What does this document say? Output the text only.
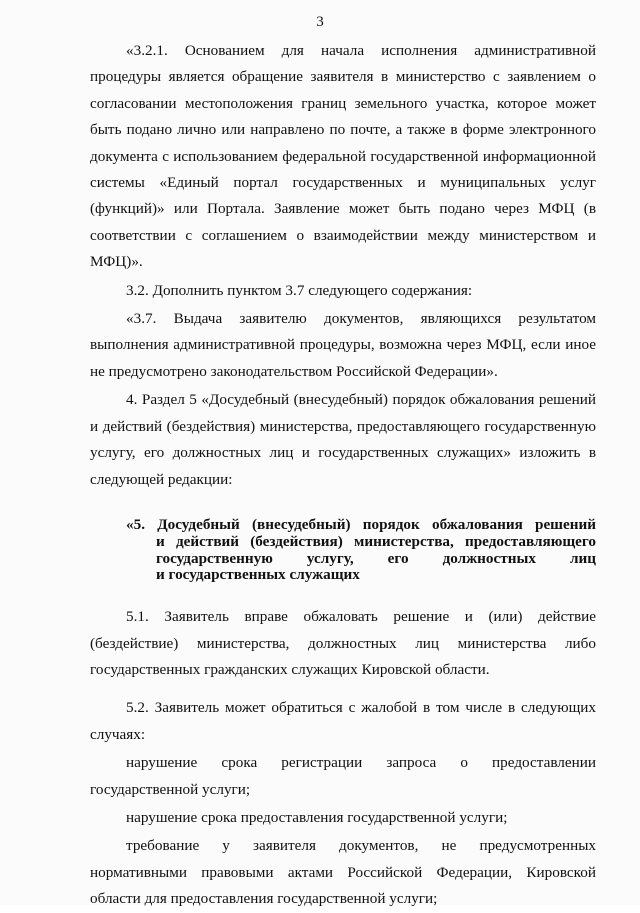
3

«3.2.1. Основанием для начала исполнения административной процедуры является обращение заявителя в министерство с заявлением о согласовании местоположения границ земельного участка, которое может быть подано лично или направлено по почте, а также в форме электронного документа с использованием федеральной государственной информационной системы «Единый портал государственных и муниципальных услуг (функций)» или Портала. Заявление может быть подано через МФЦ (в соответствии с соглашением о взаимодействии между министерством и МФЦ)».

3.2. Дополнить пунктом 3.7 следующего содержания:

«3.7. Выдача заявителю документов, являющихся результатом выполнения административной процедуры, возможна через МФЦ, если иное не предусмотрено законодательством Российской Федерации».

4. Раздел 5 «Досудебный (внесудебный) порядок обжалования решений и действий (бездействия) министерства, предоставляющего государственную услугу, его должностных лиц и государственных служащих» изложить в следующей редакции:

«5. Досудебный (внесудебный) порядок обжалования решений
и действий (бездействия) министерства, предоставляющего
государственную услугу, его должностных лиц
и государственных служащих

5.1. Заявитель вправе обжаловать решение и (или) действие (бездействие) министерства, должностных лиц министерства либо государственных гражданских служащих Кировской области.

5.2. Заявитель может обратиться с жалобой в том числе в следующих случаях:

нарушение срока регистрации запроса о предоставлении государственной услуги;

нарушение срока предоставления государственной услуги;

требование у заявителя документов, не предусмотренных нормативными правовыми актами Российской Федерации, Кировской области для предоставления государственной услуги;
